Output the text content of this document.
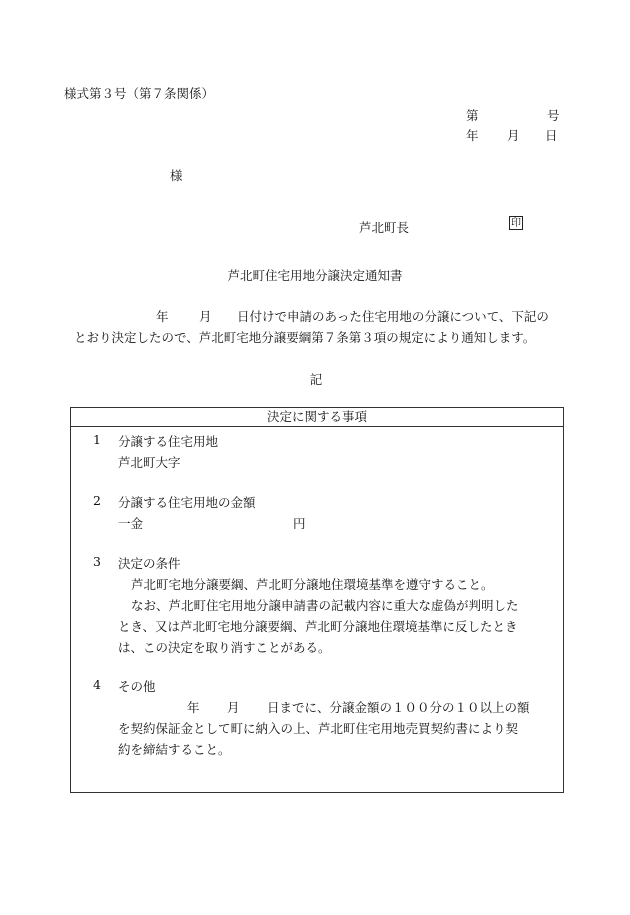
様式第３号（第７条関係）
第	号
年 月 日
様
芦北町長	印
芦北町住宅用地分譲決定通知書
年 月 日付けで申請のあった住宅用地の分譲について、下記の
とおり決定したので、芦北町宅地分譲要綱第７条第３項の規定により通知します。
記
決定に関する事項
1 分譲する住宅用地
芦北町大字
2 分譲する住宅用地の金額
一金	円
3 決定の条件
芦北町宅地分譲要綱、芦北町分譲地住環境基準を遵守すること。
なお、芦北町住宅用地分譲申請書の記載内容に重大な虚偽が判明した
とき、又は芦北町宅地分譲要綱、芦北町分譲地住環境基準に反したとき
は、この決定を取り消すことがある。
4 その他
年 月 日までに、分譲金額の１００分の１０以上の額
を契約保証金として町に納入の上、芦北町住宅用地売買契約書により契
約を締結すること。
